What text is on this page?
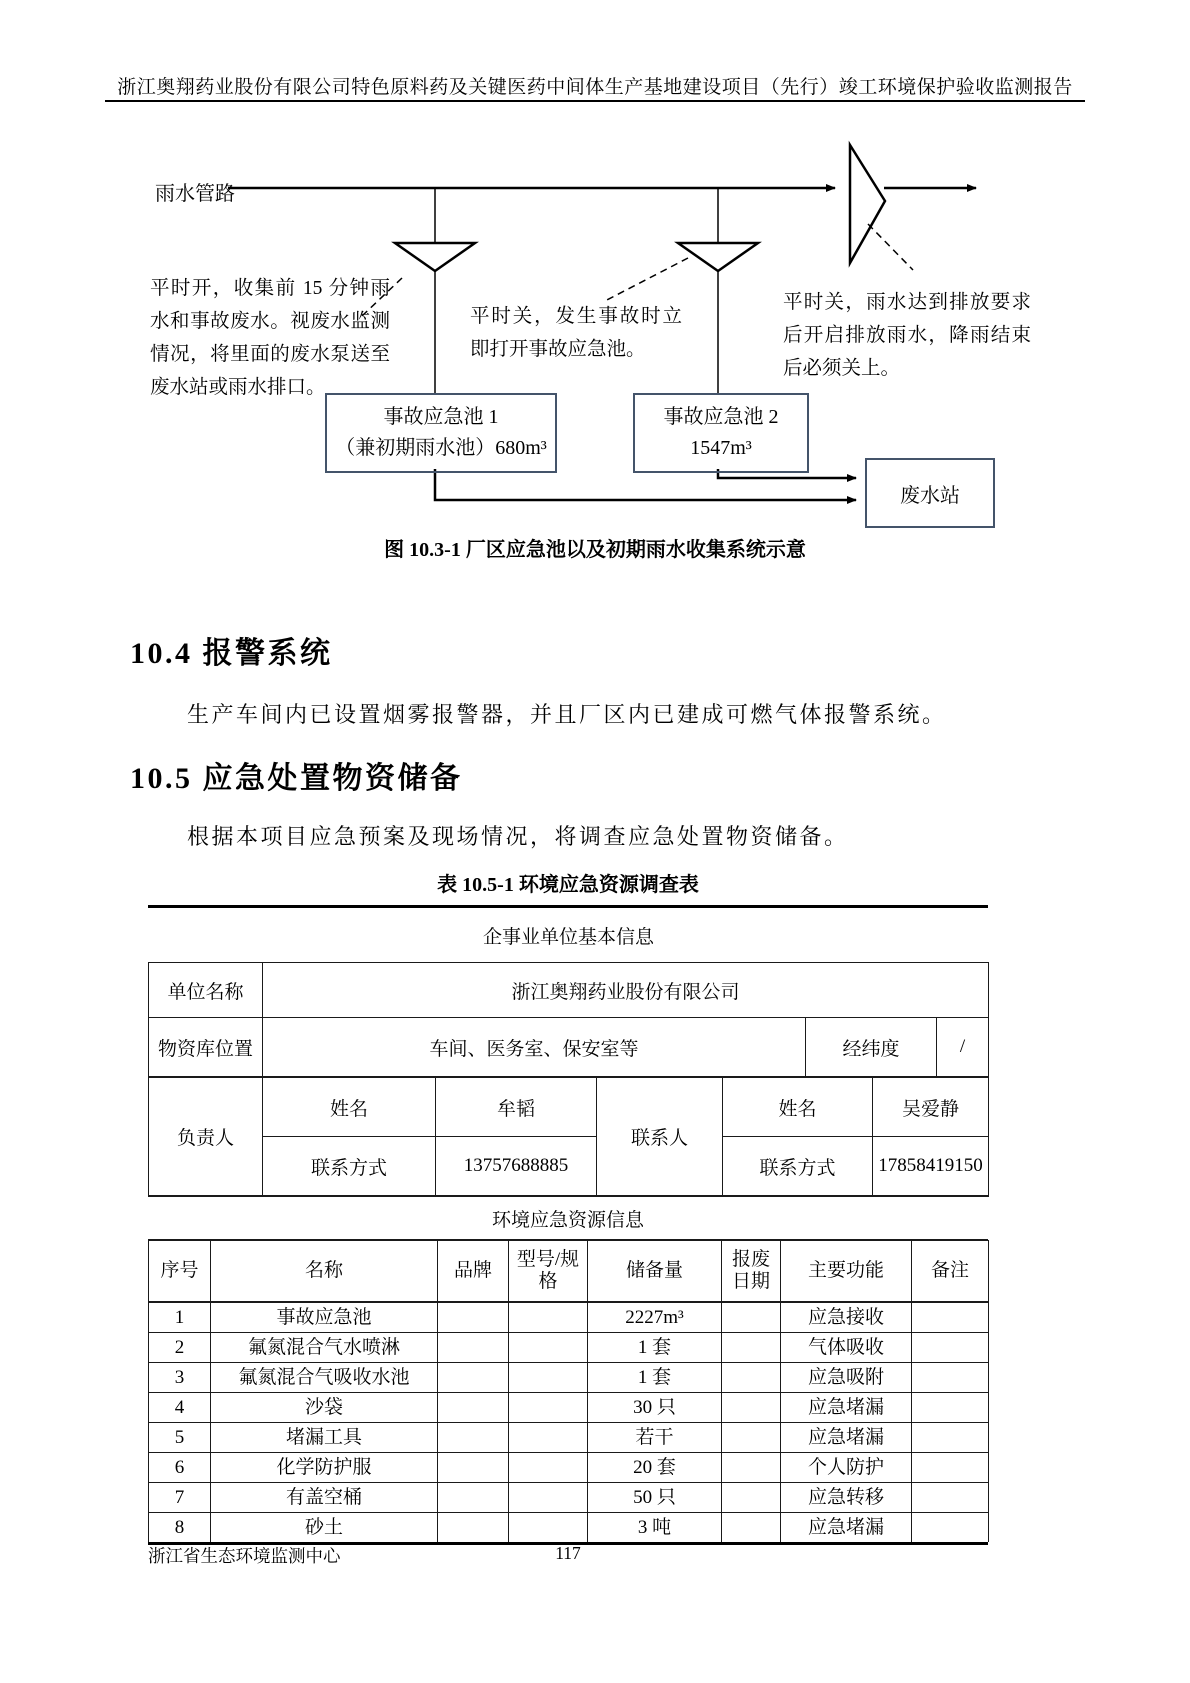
浙江奥翔药业股份有限公司特色原料药及关键医药中间体生产基地建设项目（先行）竣工环境保护验收监测报告
雨水管路
平时开，收集前 15 分钟雨水和事故废水。视废水监测情况，将里面的废水泵送至废水站或雨水排口。
平时关，发生事故时立即打开事故应急池。
平时关，雨水达到排放要求后开启排放雨水，降雨结束后必须关上。
事故应急池 1
（兼初期雨水池）680m³
事故应急池 2
1547m³
废水站
图 10.3-1 厂区应急池以及初期雨水收集系统示意
10.4 报警系统
生产车间内已设置烟雾报警器，并且厂区内已建成可燃气体报警系统。
10.5 应急处置物资储备
根据本项目应急预案及现场情况，将调查应急处置物资储备。
表 10.5-1 环境应急资源调查表
企事业单位基本信息			
单位名称	浙江奥翔药业股份有限公司		
物资库位置	车间、医务室、保安室等	经纬度	/
负责人	姓名	牟韬	联系人	姓名	吴爱静
	联系方式	13757688885		联系方式	17858419150
环境应急资源信息
序号	名称	品牌	型号/规格	储备量	报废日期	主要功能	备注
1	事故应急池			2227m³		应急接收	
2	氟氮混合气水喷淋			1 套		气体吸收	
3	氟氮混合气吸收水池			1 套		应急吸附	
4	沙袋			30 只		应急堵漏	
5	堵漏工具			若干		应急堵漏	
6	化学防护服			20 套		个人防护	
7	有盖空桶			50 只		应急转移	
8	砂土			3 吨		应急堵漏	
浙江省生态环境监测中心	117
